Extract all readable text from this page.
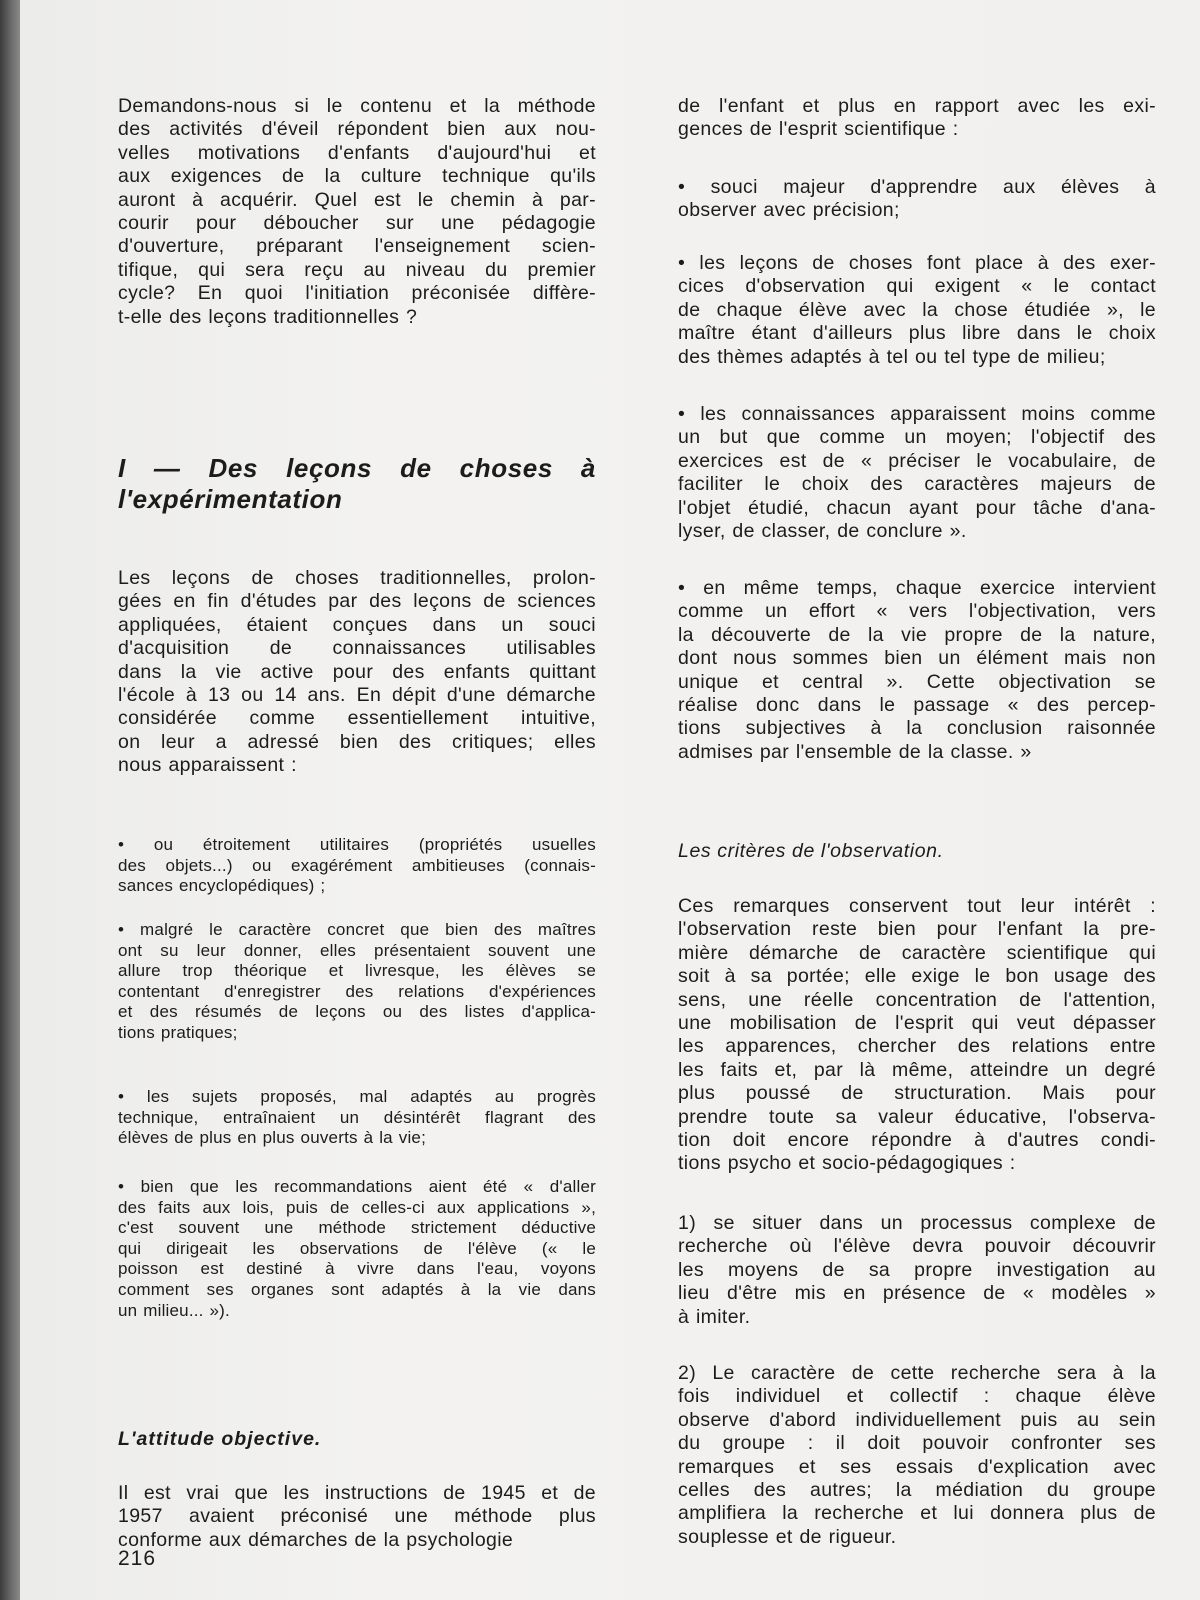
Demandons-nous si le contenu et la méthode
des activités d'éveil répondent bien aux nou-
velles motivations d'enfants d'aujourd'hui et
aux exigences de la culture technique qu'ils
auront à acquérir. Quel est le chemin à par-
courir pour déboucher sur une pédagogie
d'ouverture, préparant l'enseignement scien-
tifique, qui sera reçu au niveau du premier
cycle? En quoi l'initiation préconisée diffère-
t-elle des leçons traditionnelles ?
I — Des leçons de choses à
l'expérimentation
Les leçons de choses traditionnelles, prolon-
gées en fin d'études par des leçons de sciences
appliquées, étaient conçues dans un souci
d'acquisition de connaissances utilisables
dans la vie active pour des enfants quittant
l'école à 13 ou 14 ans. En dépit d'une démarche
considérée comme essentiellement intuitive,
on leur a adressé bien des critiques; elles
nous apparaissent :
• ou étroitement utilitaires (propriétés usuelles
des objets...) ou exagérément ambitieuses (connais-
sances encyclopédiques) ;
• malgré le caractère concret que bien des maîtres
ont su leur donner, elles présentaient souvent une
allure trop théorique et livresque, les élèves se
contentant d'enregistrer des relations d'expériences
et des résumés de leçons ou des listes d'applica-
tions pratiques;
• les sujets proposés, mal adaptés au progrès
technique, entraînaient un désintérêt flagrant des
élèves de plus en plus ouverts à la vie;
• bien que les recommandations aient été « d'aller
des faits aux lois, puis de celles-ci aux applications »,
c'est souvent une méthode strictement déductive
qui dirigeait les observations de l'élève (« le
poisson est destiné à vivre dans l'eau, voyons
comment ses organes sont adaptés à la vie dans
un milieu... »).
L'attitude objective.
Il est vrai que les instructions de 1945 et de
1957 avaient préconisé une méthode plus
conforme aux démarches de la psychologie
de l'enfant et plus en rapport avec les exi-
gences de l'esprit scientifique :
• souci majeur d'apprendre aux élèves à
observer avec précision;
• les leçons de choses font place à des exer-
cices d'observation qui exigent « le contact
de chaque élève avec la chose étudiée », le
maître étant d'ailleurs plus libre dans le choix
des thèmes adaptés à tel ou tel type de milieu;
• les connaissances apparaissent moins comme
un but que comme un moyen; l'objectif des
exercices est de « préciser le vocabulaire, de
faciliter le choix des caractères majeurs de
l'objet étudié, chacun ayant pour tâche d'ana-
lyser, de classer, de conclure ».
• en même temps, chaque exercice intervient
comme un effort « vers l'objectivation, vers
la découverte de la vie propre de la nature,
dont nous sommes bien un élément mais non
unique et central ». Cette objectivation se
réalise donc dans le passage « des percep-
tions subjectives à la conclusion raisonnée
admises par l'ensemble de la classe. »
Les critères de l'observation.
Ces remarques conservent tout leur intérêt :
l'observation reste bien pour l'enfant la pre-
mière démarche de caractère scientifique qui
soit à sa portée; elle exige le bon usage des
sens, une réelle concentration de l'attention,
une mobilisation de l'esprit qui veut dépasser
les apparences, chercher des relations entre
les faits et, par là même, atteindre un degré
plus poussé de structuration. Mais pour
prendre toute sa valeur éducative, l'observa-
tion doit encore répondre à d'autres condi-
tions psycho et socio-pédagogiques :
1) se situer dans un processus complexe de
recherche où l'élève devra pouvoir découvrir
les moyens de sa propre investigation au
lieu d'être mis en présence de « modèles »
à imiter.
2) Le caractère de cette recherche sera à la
fois individuel et collectif : chaque élève
observe d'abord individuellement puis au sein
du groupe : il doit pouvoir confronter ses
remarques et ses essais d'explication avec
celles des autres; la médiation du groupe
amplifiera la recherche et lui donnera plus de
souplesse et de rigueur.
216
